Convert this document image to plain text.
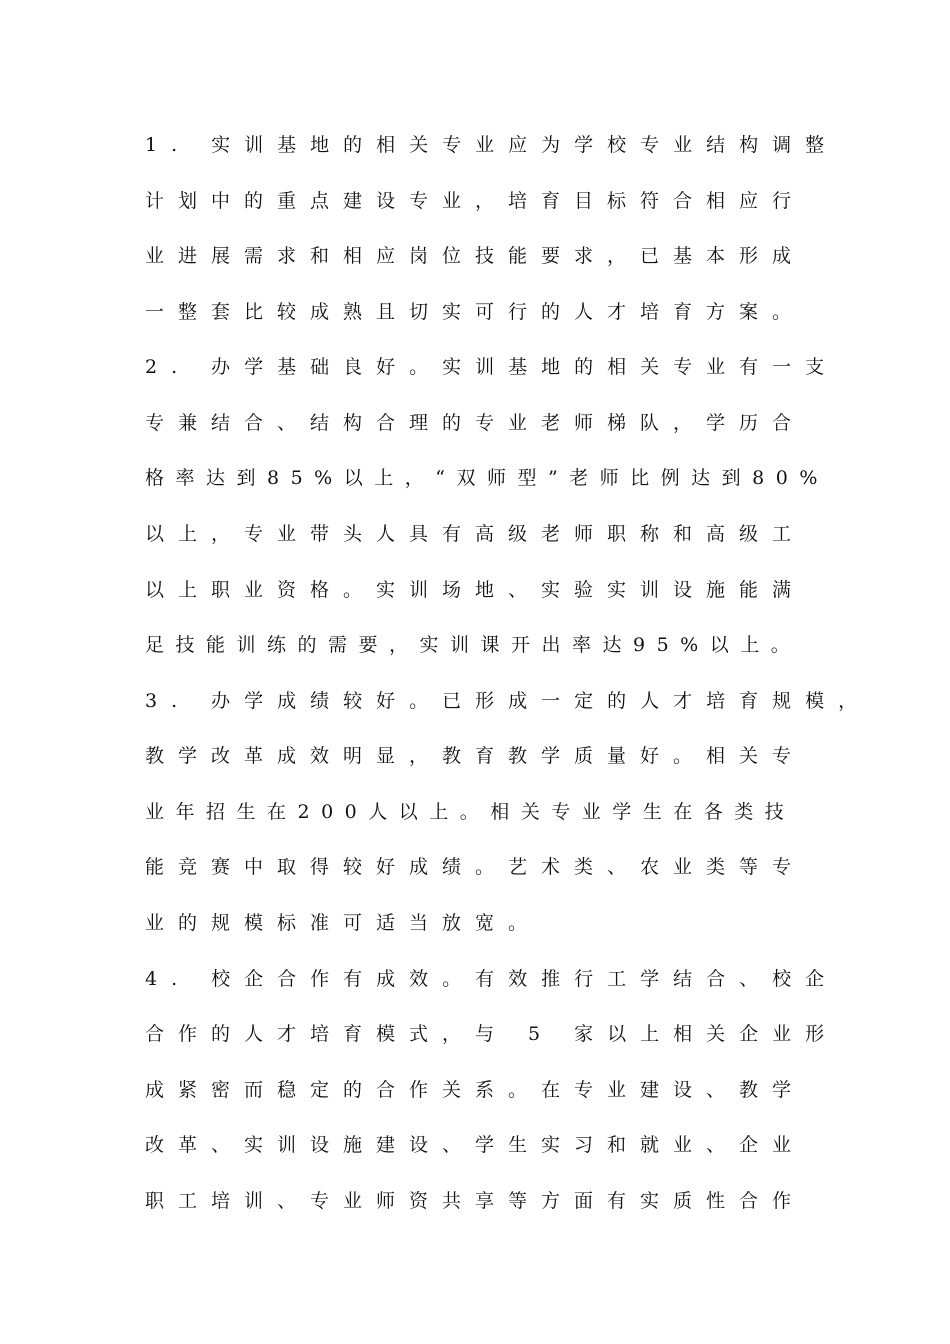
1. 实训基地的相关专业应为学校专业结构调整
计划中的重点建设专业，培育目标符合相应行
业进展需求和相应岗位技能要求，已基本形成
一整套比较成熟且切实可行的人才培育方案。
2. 办学基础良好。实训基地的相关专业有一支
专兼结合、结构合理的专业老师梯队，学历合
格率达到85%以上，“双师型”老师比例达到80%
以上，专业带头人具有高级老师职称和高级工
以上职业资格。实训场地、实验实训设施能满
足技能训练的需要，实训课开出率达95%以上。
3. 办学成绩较好。已形成一定的人才培育规模，
教学改革成效明显，教育教学质量好。相关专
业年招生在200人以上。相关专业学生在各类技
能竞赛中取得较好成绩。艺术类、农业类等专
业的规模标准可适当放宽。
4. 校企合作有成效。有效推行工学结合、校企
合作的人才培育模式，与 5 家以上相关企业形
成紧密而稳定的合作关系。在专业建设、教学
改革、实训设施建设、学生实习和就业、企业
职工培训、专业师资共享等方面有实质性合作
